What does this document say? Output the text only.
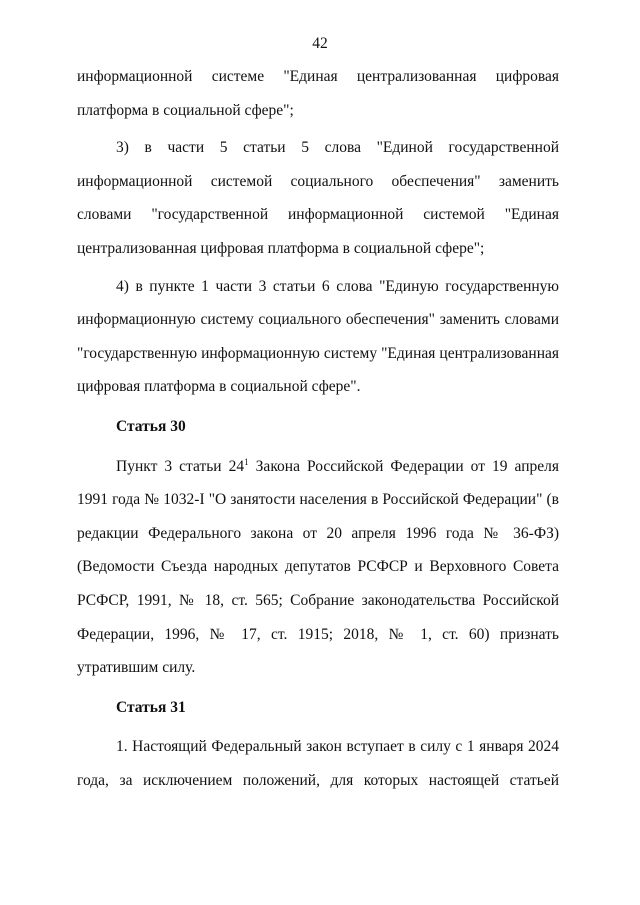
42

информационной системе "Единая централизованная цифровая платформа в социальной сфере";

3) в части 5 статьи 5 слова "Единой государственной информационной системой социального обеспечения" заменить словами "государственной информационной системой "Единая централизованная цифровая платформа в социальной сфере";

4) в пункте 1 части 3 статьи 6 слова "Единую государственную информационную систему социального обеспечения" заменить словами "государственную информационную систему "Единая централизованная цифровая платформа в социальной сфере".

Статья 30

Пункт 3 статьи $24^1$ Закона Российской Федерации от 19 апреля 1991 года № 1032-I "О занятости населения в Российской Федерации" (в редакции Федерального закона от 20 апреля 1996 года № 36-ФЗ) (Ведомости Съезда народных депутатов РСФСР и Верховного Совета РСФСР, 1991, № 18, ст. 565; Собрание законодательства Российской Федерации, 1996, № 17, ст. 1915; 2018, № 1, ст. 60) признать утратившим силу.

Статья 31

1. Настоящий Федеральный закон вступает в силу с 1 января 2024 года, за исключением положений, для которых настоящей статьей
